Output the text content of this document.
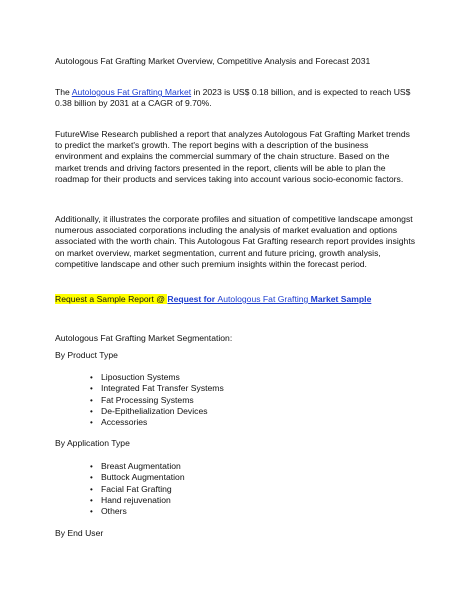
Autologous Fat Grafting Market Overview, Competitive Analysis and Forecast 2031

The Autologous Fat Grafting Market in 2023 is US$ 0.18 billion, and is expected to reach US$ 0.38 billion by 2031 at a CAGR of 9.70%.

FutureWise Research published a report that analyzes Autologous Fat Grafting Market trends to predict the market's growth. The report begins with a description of the business environment and explains the commercial summary of the chain structure. Based on the market trends and driving factors presented in the report, clients will be able to plan the roadmap for their products and services taking into account various socio-economic factors.

Additionally, it illustrates the corporate profiles and situation of competitive landscape amongst numerous associated corporations including the analysis of market evaluation and options associated with the worth chain. This Autologous Fat Grafting research report provides insights on market overview, market segmentation, current and future pricing, growth analysis, competitive landscape and other such premium insights within the forecast period.

Request a Sample Report @ Request for Autologous Fat Grafting Market Sample

Autologous Fat Grafting Market Segmentation:

By Product Type

• Liposuction Systems
• Integrated Fat Transfer Systems
• Fat Processing Systems
• De-Epithelialization Devices
• Accessories

By Application Type

• Breast Augmentation
• Buttock Augmentation
• Facial Fat Grafting
• Hand rejuvenation
• Others

By End User
